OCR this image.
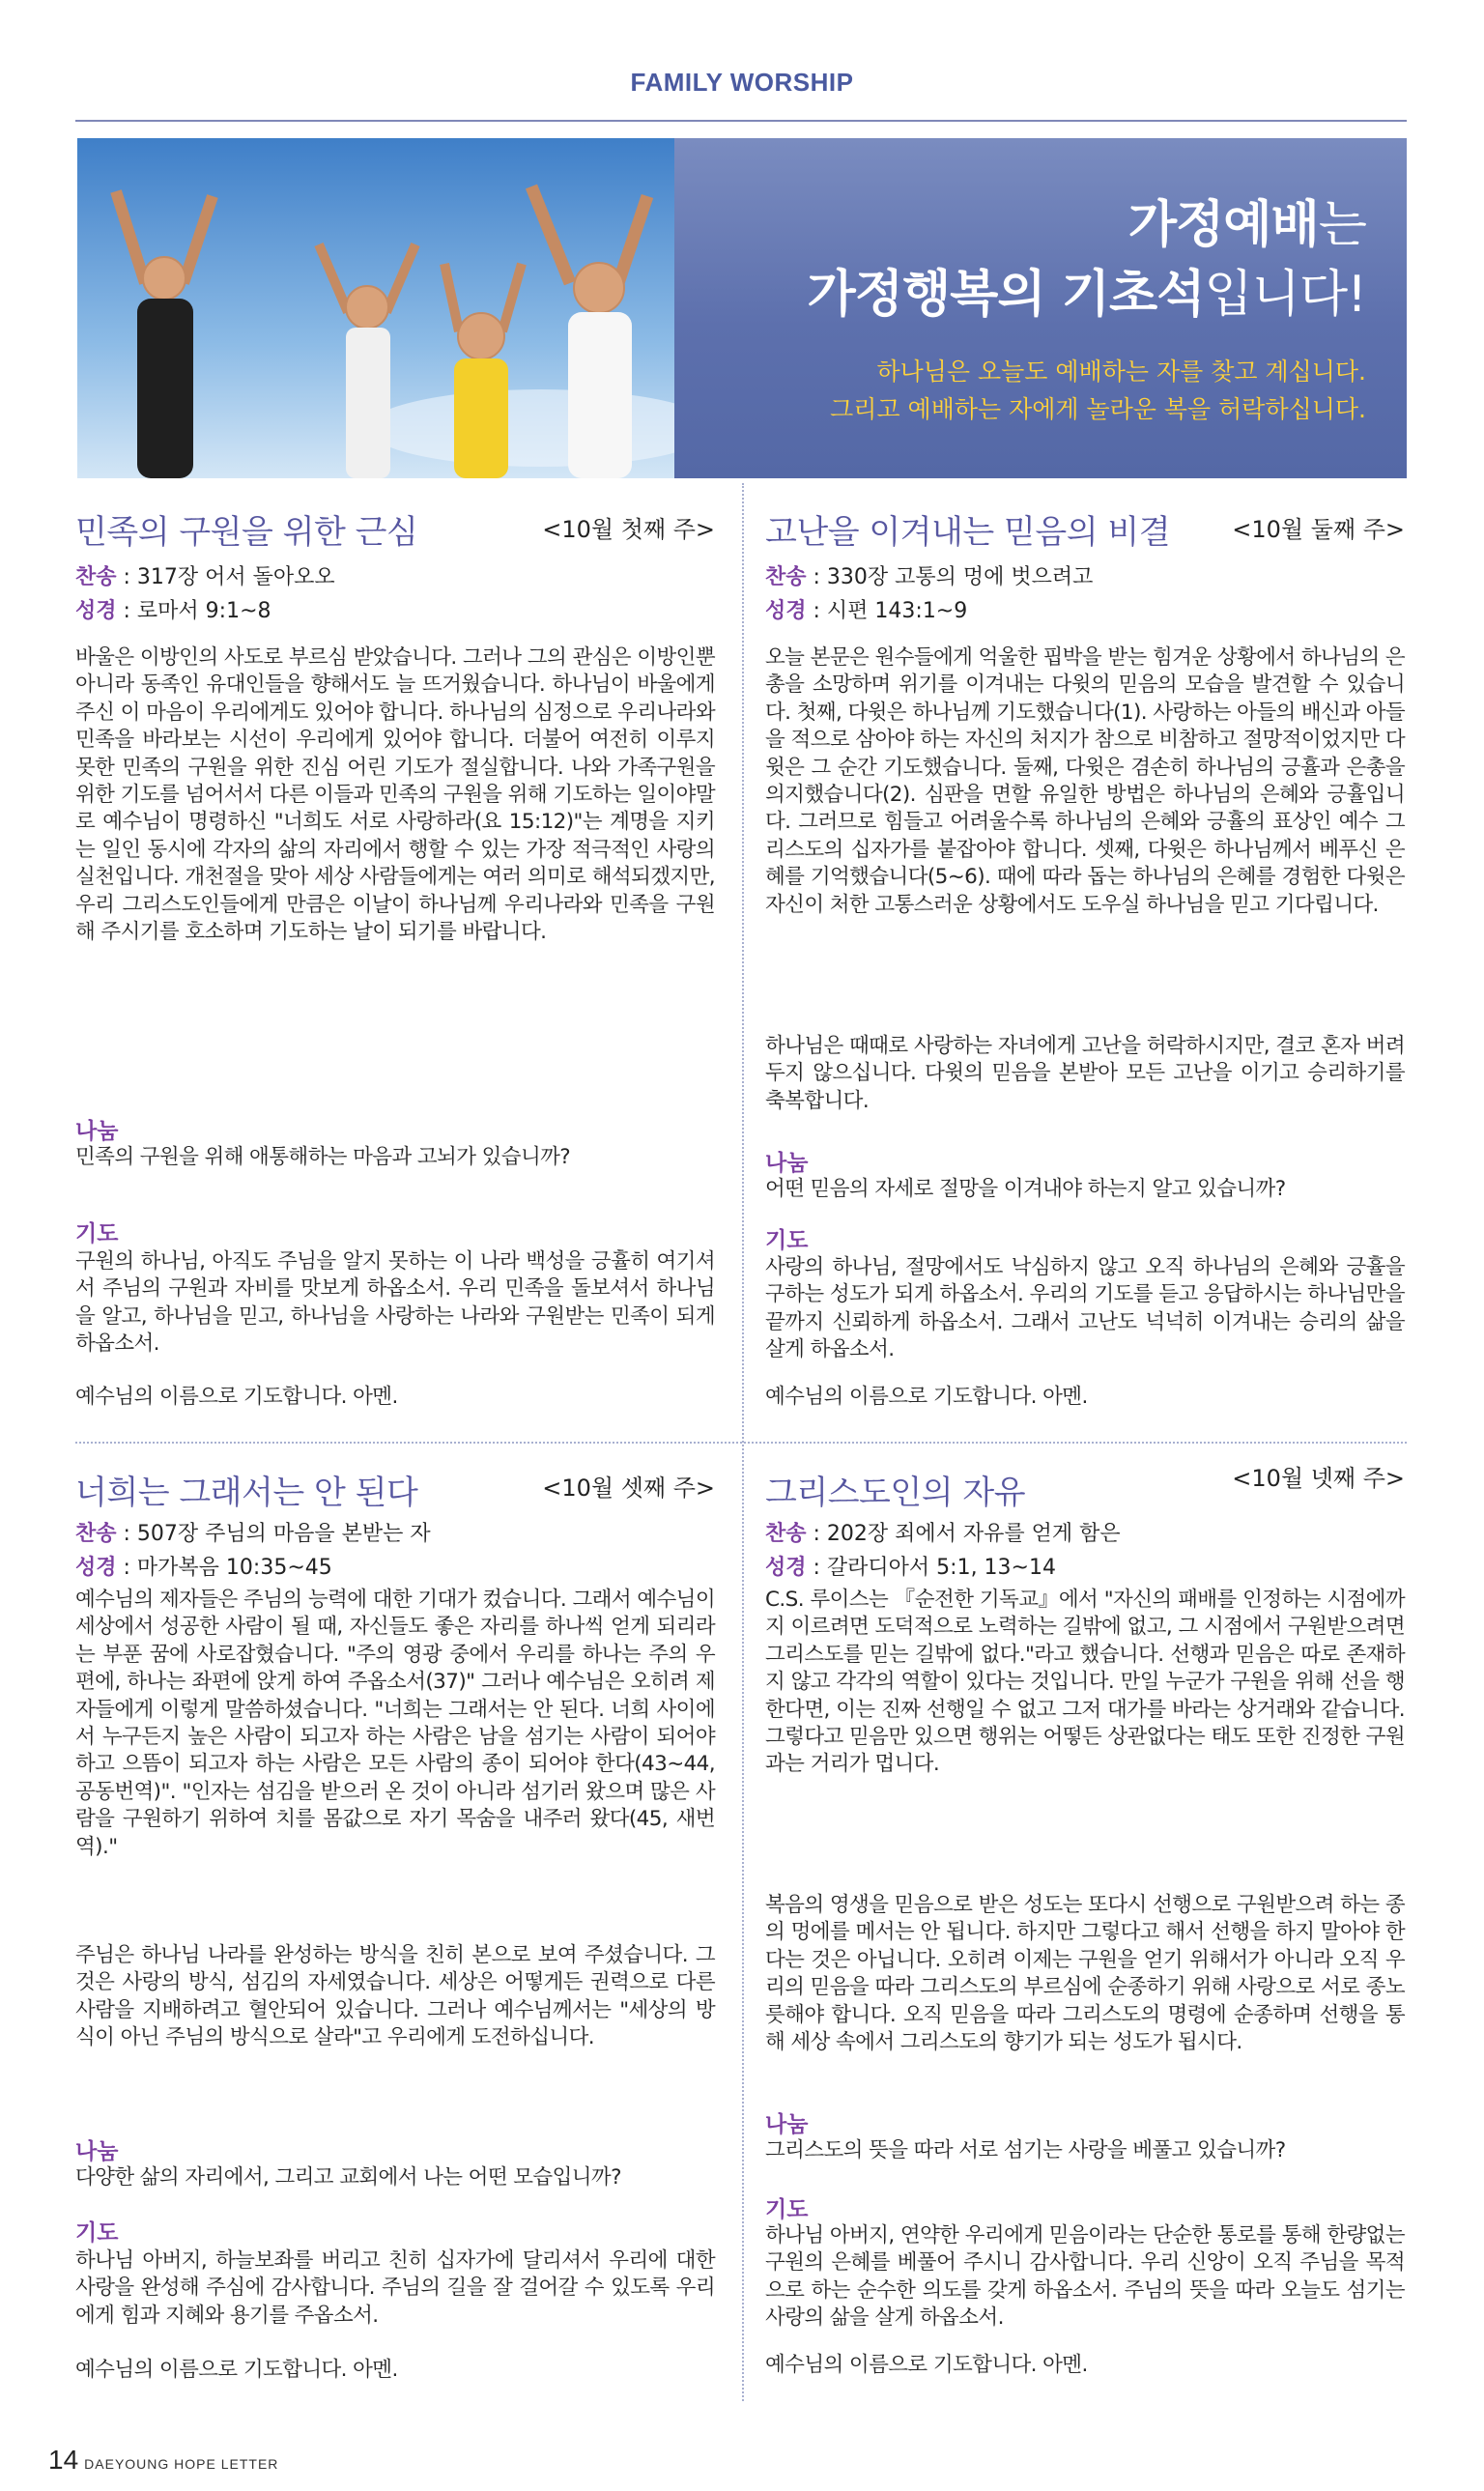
FAMILY WORSHIP
가정예배는
가정행복의 기초석입니다!
하나님은 오늘도 예배하는 자를 찾고 계십니다.
그리고 예배하는 자에게 놀라운 복을 허락하십니다.
민족의 구원을 위한 근심	<10월 첫째 주>
찬송 : 317장 어서 돌아오오
성경 : 로마서 9:1~8
바울은 이방인의 사도로 부르심 받았습니다. 그러나 그의 관심은 이방인뿐 아니라 동족인 유대인들을 향해서도 늘 뜨거웠습니다. 하나님이 바울에게 주신 이 마음이 우리에게도 있어야 합니다. 하나님의 심정으로 우리나라와 민족을 바라보는 시선이 우리에게 있어야 합니다. 더불어 여전히 이루지 못한 민족의 구원을 위한 진심 어린 기도가 절실합니다. 나와 가족구원을 위한 기도를 넘어서서 다른 이들과 민족의 구원을 위해 기도하는 일이야말로 예수님이 명령하신 "너희도 서로 사랑하라(요 15:12)"는 계명을 지키는 일인 동시에 각자의 삶의 자리에서 행할 수 있는 가장 적극적인 사랑의 실천입니다. 개천절을 맞아 세상 사람들에게는 여러 의미로 해석되겠지만, 우리 그리스도인들에게 만큼은 이날이 하나님께 우리나라와 민족을 구원해 주시기를 호소하며 기도하는 날이 되기를 바랍니다.
나눔
민족의 구원을 위해 애통해하는 마음과 고뇌가 있습니까?
기도
구원의 하나님, 아직도 주님을 알지 못하는 이 나라 백성을 긍휼히 여기셔서 주님의 구원과 자비를 맛보게 하옵소서. 우리 민족을 돌보셔서 하나님을 알고, 하나님을 믿고, 하나님을 사랑하는 나라와 구원받는 민족이 되게 하옵소서.
예수님의 이름으로 기도합니다. 아멘.
고난을 이겨내는 믿음의 비결	<10월 둘째 주>
찬송 : 330장 고통의 멍에 벗으려고
성경 : 시편 143:1~9
오늘 본문은 원수들에게 억울한 핍박을 받는 힘겨운 상황에서 하나님의 은총을 소망하며 위기를 이겨내는 다윗의 믿음의 모습을 발견할 수 있습니다. 첫째, 다윗은 하나님께 기도했습니다(1). 사랑하는 아들의 배신과 아들을 적으로 삼아야 하는 자신의 처지가 참으로 비참하고 절망적이었지만 다윗은 그 순간 기도했습니다. 둘째, 다윗은 겸손히 하나님의 긍휼과 은총을 의지했습니다(2). 심판을 면할 유일한 방법은 하나님의 은혜와 긍휼입니다. 그러므로 힘들고 어려울수록 하나님의 은혜와 긍휼의 표상인 예수 그리스도의 십자가를 붙잡아야 합니다. 셋째, 다윗은 하나님께서 베푸신 은혜를 기억했습니다(5~6). 때에 따라 돕는 하나님의 은혜를 경험한 다윗은 자신이 처한 고통스러운 상황에서도 도우실 하나님을 믿고 기다립니다.
하나님은 때때로 사랑하는 자녀에게 고난을 허락하시지만, 결코 혼자 버려두지 않으십니다. 다윗의 믿음을 본받아 모든 고난을 이기고 승리하기를 축복합니다.
나눔
어떤 믿음의 자세로 절망을 이겨내야 하는지 알고 있습니까?
기도
사랑의 하나님, 절망에서도 낙심하지 않고 오직 하나님의 은혜와 긍휼을 구하는 성도가 되게 하옵소서. 우리의 기도를 듣고 응답하시는 하나님만을 끝까지 신뢰하게 하옵소서. 그래서 고난도 넉넉히 이겨내는 승리의 삶을 살게 하옵소서.
예수님의 이름으로 기도합니다. 아멘.
너희는 그래서는 안 된다	<10월 셋째 주>
찬송 : 507장 주님의 마음을 본받는 자
성경 : 마가복음 10:35~45
예수님의 제자들은 주님의 능력에 대한 기대가 컸습니다. 그래서 예수님이 세상에서 성공한 사람이 될 때, 자신들도 좋은 자리를 하나씩 얻게 되리라는 부푼 꿈에 사로잡혔습니다. "주의 영광 중에서 우리를 하나는 주의 우편에, 하나는 좌편에 앉게 하여 주옵소서(37)" 그러나 예수님은 오히려 제자들에게 이렇게 말씀하셨습니다. "너희는 그래서는 안 된다. 너희 사이에서 누구든지 높은 사람이 되고자 하는 사람은 남을 섬기는 사람이 되어야 하고 으뜸이 되고자 하는 사람은 모든 사람의 종이 되어야 한다(43~44, 공동번역)". "인자는 섬김을 받으러 온 것이 아니라 섬기러 왔으며 많은 사람을 구원하기 위하여 치를 몸값으로 자기 목숨을 내주러 왔다(45, 새번역)."
주님은 하나님 나라를 완성하는 방식을 친히 본으로 보여 주셨습니다. 그것은 사랑의 방식, 섬김의 자세였습니다. 세상은 어떻게든 권력으로 다른 사람을 지배하려고 혈안되어 있습니다. 그러나 예수님께서는 "세상의 방식이 아닌 주님의 방식으로 살라"고 우리에게 도전하십니다.
나눔
다양한 삶의 자리에서, 그리고 교회에서 나는 어떤 모습입니까?
기도
하나님 아버지, 하늘보좌를 버리고 친히 십자가에 달리셔서 우리에 대한 사랑을 완성해 주심에 감사합니다. 주님의 길을 잘 걸어갈 수 있도록 우리에게 힘과 지혜와 용기를 주옵소서.
예수님의 이름으로 기도합니다. 아멘.
그리스도인의 자유	<10월 넷째 주>
찬송 : 202장 죄에서 자유를 얻게 함은
성경 : 갈라디아서 5:1, 13~14
C.S. 루이스는 『순전한 기독교』에서 "자신의 패배를 인정하는 시점에까지 이르려면 도덕적으로 노력하는 길밖에 없고, 그 시점에서 구원받으려면 그리스도를 믿는 길밖에 없다."라고 했습니다. 선행과 믿음은 따로 존재하지 않고 각각의 역할이 있다는 것입니다. 만일 누군가 구원을 위해 선을 행한다면, 이는 진짜 선행일 수 없고 그저 대가를 바라는 상거래와 같습니다. 그렇다고 믿음만 있으면 행위는 어떻든 상관없다는 태도 또한 진정한 구원과는 거리가 멉니다.
복음의 영생을 믿음으로 받은 성도는 또다시 선행으로 구원받으려 하는 종의 멍에를 메서는 안 됩니다. 하지만 그렇다고 해서 선행을 하지 말아야 한다는 것은 아닙니다. 오히려 이제는 구원을 얻기 위해서가 아니라 오직 우리의 믿음을 따라 그리스도의 부르심에 순종하기 위해 사랑으로 서로 종노릇해야 합니다. 오직 믿음을 따라 그리스도의 명령에 순종하며 선행을 통해 세상 속에서 그리스도의 향기가 되는 성도가 됩시다.
나눔
그리스도의 뜻을 따라 서로 섬기는 사랑을 베풀고 있습니까?
기도
하나님 아버지, 연약한 우리에게 믿음이라는 단순한 통로를 통해 한량없는 구원의 은혜를 베풀어 주시니 감사합니다. 우리 신앙이 오직 주님을 목적으로 하는 순수한 의도를 갖게 하옵소서. 주님의 뜻을 따라 오늘도 섬기는 사랑의 삶을 살게 하옵소서.
예수님의 이름으로 기도합니다. 아멘.
14 DAEYOUNG HOPE LETTER
